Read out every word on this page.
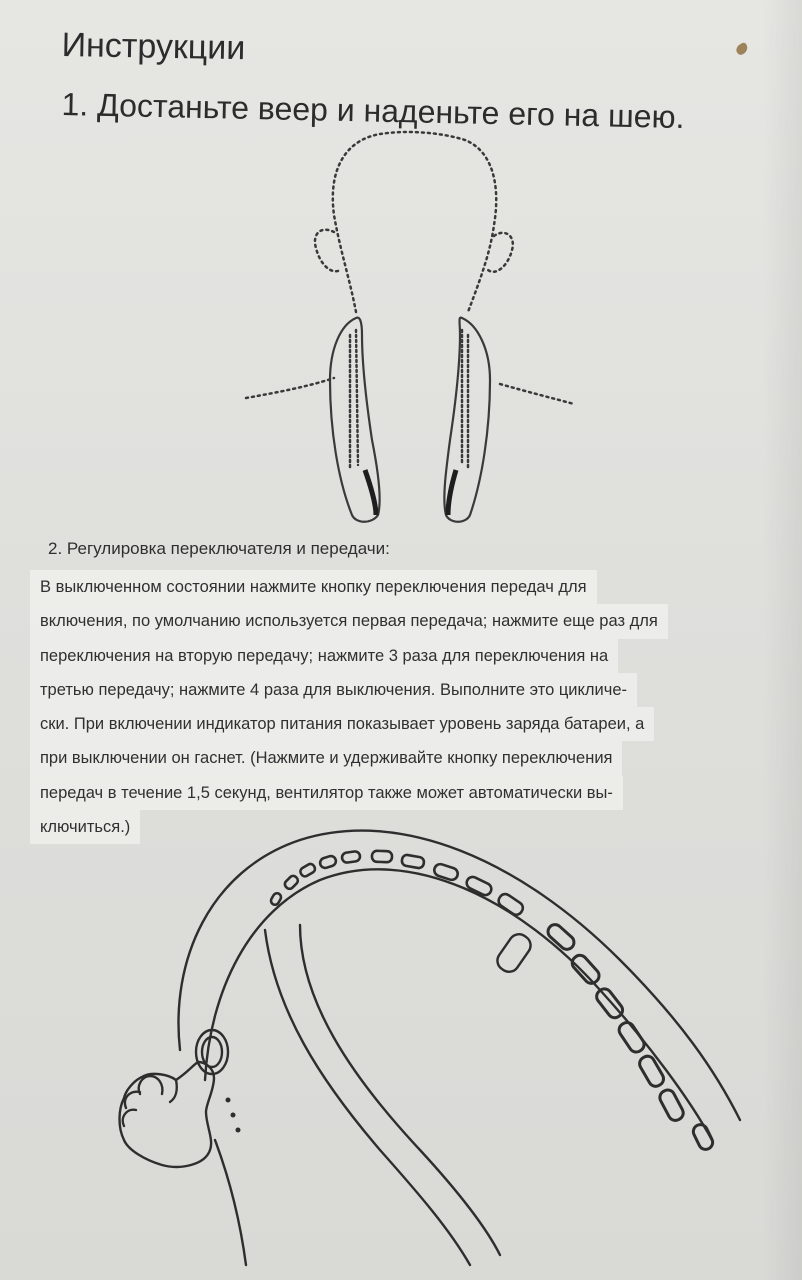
Инструкции

1. Достаньте веер и наденьте его на шею.

2. Регулировка переключателя и передачи:
В выключенном состоянии нажмите кнопку переключения передач для
включения, по умолчанию используется первая передача; нажмите еще раз для
переключения на вторую передачу; нажмите 3 раза для переключения на
третью передачу; нажмите 4 раза для выключения. Выполните это цикличе-
ски. При включении индикатор питания показывает уровень заряда батареи, а
при выключении он гаснет. (Нажмите и удерживайте кнопку переключения
передач в течение 1,5 секунд, вентилятор также может автоматически вы-
ключиться.)
